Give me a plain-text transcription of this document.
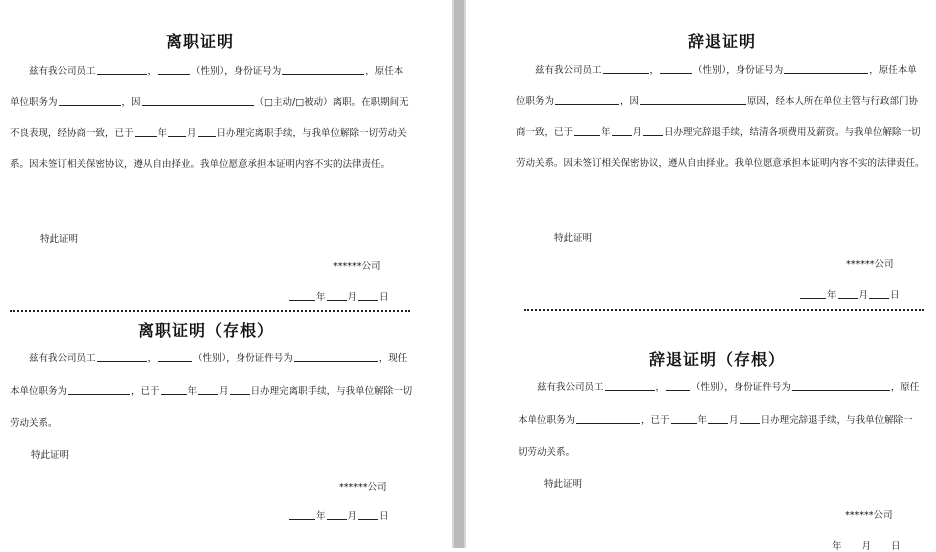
离职证明

兹有我公司员工	，	（性别），身份证号为	，原任本单位职务为	，因	（□主动/□被动）离职。在职期间无不良表现，经协商一致，已于	年 月 日办理完离职手续，与我单位解除一切劳动关系。因未签订相关保密协议，遵从自由择业。我单位愿意承担本证明内容不实的法律责任。

特此证明

******公司

年 月 日

离职证明（存根）

兹有我公司员工	，	（性别），身份证件号为	，现任本单位职务为	，已于	年 月 日办理完离职手续，与我单位解除一切劳动关系。

特此证明

******公司

年 月 日

辞退证明

兹有我公司员工	，	（性别），身份证号为	，原任本单位职务为	，因	原因，经本人所在单位主管与行政部门协商一致，已于	年 月 日办理完辞退手续，结清各项费用及薪资。与我单位解除一切劳动关系。因未签订相关保密协议，遵从自由择业。我单位愿意承担本证明内容不实的法律责任。

特此证明

******公司

年 月 日

辞退证明（存根）

兹有我公司员工	，	（性别），身份证件号为	，原任本单位职务为	，已于	年 月 日办理完辞退手续，与我单位解除一切劳动关系。

特此证明

******公司

年 月 日
